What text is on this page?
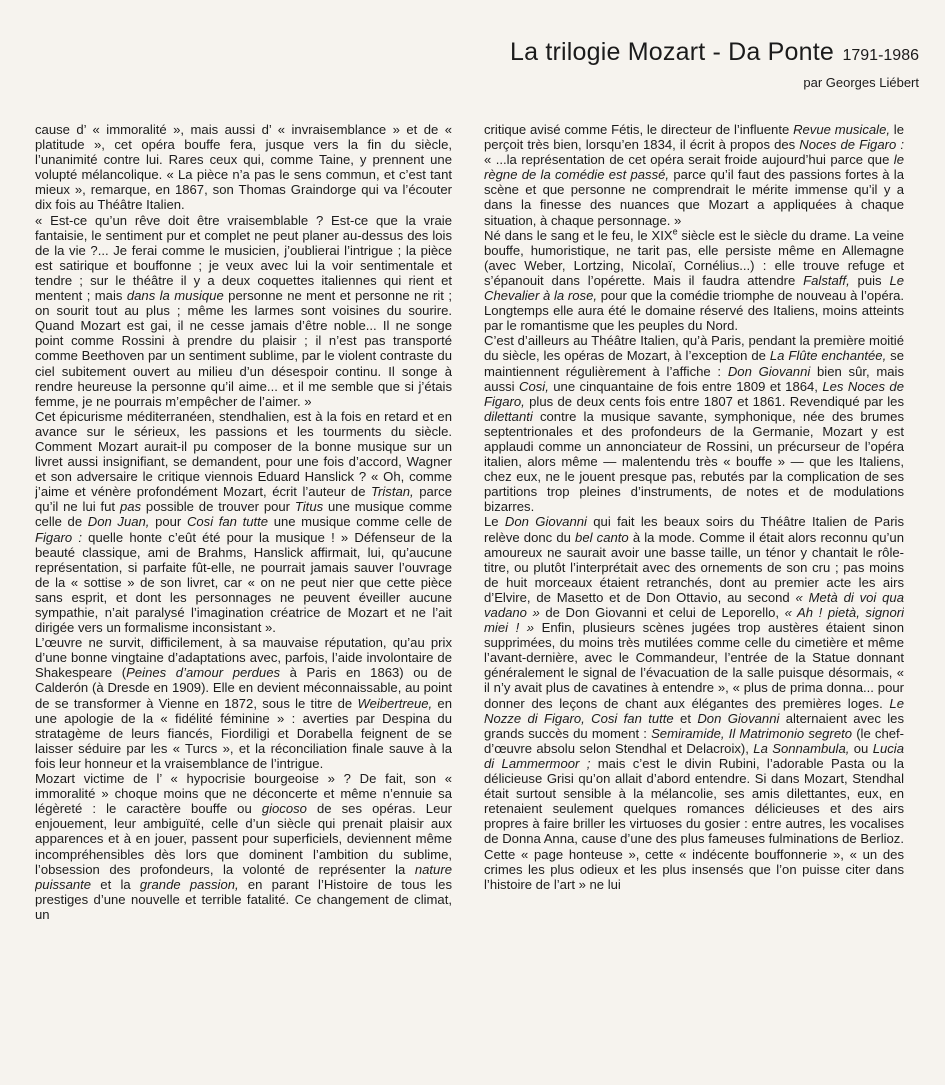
La trilogie Mozart - Da Ponte 1791-1986
par Georges Liébert

cause d’ « immoralité », mais aussi d’ « invraisemblance » et de « platitude », cet opéra bouffe fera, jusque vers la fin du siècle, l’unanimité contre lui. Rares ceux qui, comme Taine, y prennent une volupté mélancolique. « La pièce n’a pas le sens commun, et c’est tant mieux », remarque, en 1867, son Thomas Graindorge qui va l’écouter dix fois au Théâtre Italien.

« Est-ce qu’un rêve doit être vraisemblable ? Est-ce que la vraie fantaisie, le sentiment pur et complet ne peut planer au-dessus des lois de la vie ?... Je ferai comme le musicien, j’oublierai l’intrigue ; la pièce est satirique et bouffonne ; je veux avec lui la voir sentimentale et tendre ; sur le théâtre il y a deux coquettes italiennes qui rient et mentent ; mais dans la musique personne ne ment et personne ne rit ; on sourit tout au plus ; même les larmes sont voisines du sourire. Quand Mozart est gai, il ne cesse jamais d’être noble... Il ne songe point comme Rossini à prendre du plaisir ; il n’est pas transporté comme Beethoven par un sentiment sublime, par le violent contraste du ciel subitement ouvert au milieu d’un désespoir continu. Il songe à rendre heureuse la personne qu’il aime... et il me semble que si j’étais femme, je ne pourrais m’empêcher de l’aimer. »

Cet épicurisme méditerranéen, stendhalien, est à la fois en retard et en avance sur le sérieux, les passions et les tourments du siècle. Comment Mozart aurait-il pu composer de la bonne musique sur un livret aussi insignifiant, se demandent, pour une fois d’accord, Wagner et son adversaire le critique viennois Eduard Hanslick ? « Oh, comme j’aime et vénère profondément Mozart, écrit l’auteur de Tristan, parce qu’il ne lui fut pas possible de trouver pour Titus une musique comme celle de Don Juan, pour Cosi fan tutte une musique comme celle de Figaro : quelle honte c’eût été pour la musique ! » Défenseur de la beauté classique, ami de Brahms, Hanslick affirmait, lui, qu’aucune représentation, si parfaite fût-elle, ne pourrait jamais sauver l’ouvrage de la « sottise » de son livret, car « on ne peut nier que cette pièce sans esprit, et dont les personnages ne peuvent éveiller aucune sympathie, n’ait paralysé l’imagination créatrice de Mozart et ne l’ait dirigée vers un formalisme inconsistant ».

L’œuvre ne survit, difficilement, à sa mauvaise réputation, qu’au prix d’une bonne vingtaine d’adaptations avec, parfois, l’aide involontaire de Shakespeare (Peines d’amour perdues à Paris en 1863) ou de Calderón (à Dresde en 1909). Elle en devient méconnaissable, au point de se transformer à Vienne en 1872, sous le titre de Weibertreue, en une apologie de la « fidélité féminine » : averties par Despina du stratagème de leurs fiancés, Fiordiligi et Dorabella feignent de se laisser séduire par les « Turcs », et la réconciliation finale sauve à la fois leur honneur et la vraisemblance de l’intrigue.

Mozart victime de l’ « hypocrisie bourgeoise » ? De fait, son « immoralité » choque moins que ne déconcerte et même n’ennuie sa légèreté : le caractère bouffe ou giocoso de ses opéras. Leur enjouement, leur ambiguïté, celle d’un siècle qui prenait plaisir aux apparences et à en jouer, passent pour superficiels, deviennent même incompréhensibles dès lors que dominent l’ambition du sublime, l’obsession des profondeurs, la volonté de représenter la nature puissante et la grande passion, en parant l’Histoire de tous les prestiges d’une nouvelle et terrible fatalité. Ce changement de climat, un

critique avisé comme Fétis, le directeur de l’influente Revue musicale, le perçoit très bien, lorsqu’en 1834, il écrit à propos des Noces de Figaro : « ...la représentation de cet opéra serait froide aujourd’hui parce que le règne de la comédie est passé, parce qu’il faut des passions fortes à la scène et que personne ne comprendrait le mérite immense qu’il y a dans la finesse des nuances que Mozart a appliquées à chaque situation, à chaque personnage. »

Né dans le sang et le feu, le XIXe siècle est le siècle du drame. La veine bouffe, humoristique, ne tarit pas, elle persiste même en Allemagne (avec Weber, Lortzing, Nicolaï, Cornélius...) : elle trouve refuge et s’épanouit dans l’opérette. Mais il faudra attendre Falstaff, puis Le Chevalier à la rose, pour que la comédie triomphe de nouveau à l’opéra. Longtemps elle aura été le domaine réservé des Italiens, moins atteints par le romantisme que les peuples du Nord.

C’est d’ailleurs au Théâtre Italien, qu’à Paris, pendant la première moitié du siècle, les opéras de Mozart, à l’exception de La Flûte enchantée, se maintiennent régulièrement à l’affiche : Don Giovanni bien sûr, mais aussi Cosi, une cinquantaine de fois entre 1809 et 1864, Les Noces de Figaro, plus de deux cents fois entre 1807 et 1861. Revendiqué par les dilettanti contre la musique savante, symphonique, née des brumes septentrionales et des profondeurs de la Germanie, Mozart y est applaudi comme un annonciateur de Rossini, un précurseur de l’opéra italien, alors même — malentendu très « bouffe » — que les Italiens, chez eux, ne le jouent presque pas, rebutés par la complication de ses partitions trop pleines d’instruments, de notes et de modulations bizarres.

Le Don Giovanni qui fait les beaux soirs du Théâtre Italien de Paris relève donc du bel canto à la mode. Comme il était alors reconnu qu’un amoureux ne saurait avoir une basse taille, un ténor y chantait le rôle-titre, ou plutôt l’interprétait avec des ornements de son cru ; pas moins de huit morceaux étaient retranchés, dont au premier acte les airs d’Elvire, de Masetto et de Don Ottavio, au second « Metà di voi qua vadano » de Don Giovanni et celui de Leporello, « Ah ! pietà, signori miei ! » Enfin, plusieurs scènes jugées trop austères étaient sinon supprimées, du moins très mutilées comme celle du cimetière et même l’avant-dernière, avec le Commandeur, l’entrée de la Statue donnant généralement le signal de l’évacuation de la salle puisque désormais, « il n’y avait plus de cavatines à entendre », « plus de prima donna... pour donner des leçons de chant aux élégantes des premières loges. Le Nozze di Figaro, Cosi fan tutte et Don Giovanni alternaient avec les grands succès du moment : Semiramide, Il Matrimonio segreto (le chef-d’œuvre absolu selon Stendhal et Delacroix), La Sonnambula, ou Lucia di Lammermoor ; mais c’est le divin Rubini, l’adorable Pasta ou la délicieuse Grisi qu’on allait d’abord entendre. Si dans Mozart, Stendhal était surtout sensible à la mélancolie, ses amis dilettantes, eux, en retenaient seulement quelques romances délicieuses et des airs propres à faire briller les virtuoses du gosier : entre autres, les vocalises de Donna Anna, cause d’une des plus fameuses fulminations de Berlioz. Cette « page honteuse », cette « indécente bouffonnerie », « un des crimes les plus odieux et les plus insensés que l’on puisse citer dans l’histoire de l’art » ne lui
